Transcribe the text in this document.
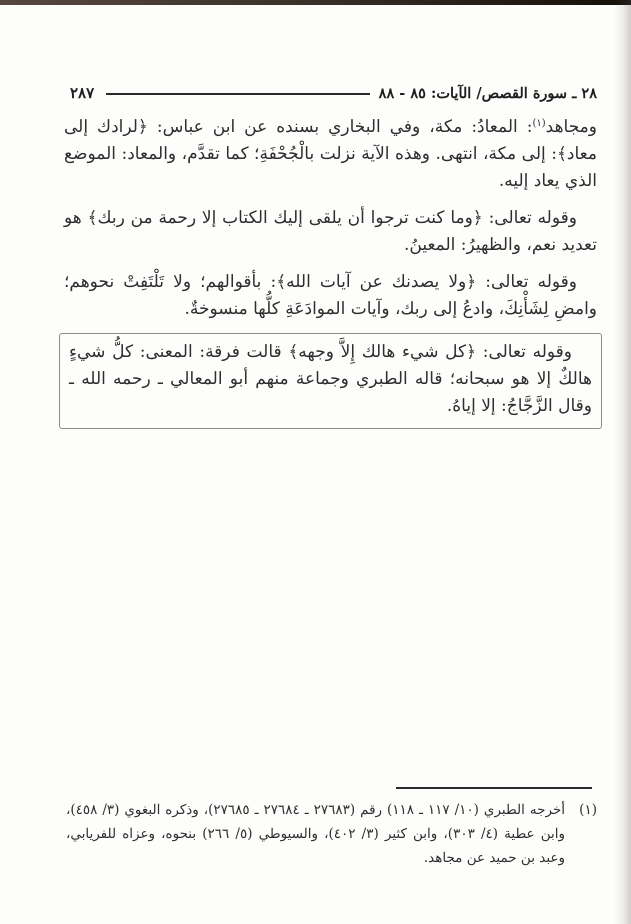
٢٨ ـ سورة القصص/ الآيات: ٨٥ - ٨٨
٢٨٧

ومجاهد$^{(١)}$: المعادُ: مكة، وفي البخاري بسنده عن ابن عباس: ﴿لرادك إلى معاد﴾: إلى مكة، انتهى. وهذه الآية نزلت بالْجُحْفَةِ؛ كما تقدَّم، والمعاد: الموضع الذي يعاد إليه.

وقوله تعالى: ﴿وما كنت ترجوا أن يلقى إليك الكتاب إلا رحمة من ربك﴾ هو تعديد نعم، والظهيرُ: المعينُ.

وقوله تعالى: ﴿ولا يصدنك عن آيات الله﴾: بأقوالهم؛ ولا تَلْتَفِتْ نحوهم؛ وامضِ لِشَأْنِكَ، وادعُ إلى ربك، وآيات الموادَعَةِ كلُّها منسوخةٌ.

وقوله تعالى: ﴿كل شيء هالك إِلاَّ وجهه﴾ قالت فرقة: المعنى: كلُّ شيءٍ هالكٌ إلا هو سبحانه؛ قاله الطبري وجماعة منهم أبو المعالي ـ رحمه الله ـ وقال الزَّجَّاجُ: إلا إياهُ.

(١)
أخرجه الطبري (١٠/ ١١٧ ـ ١١٨) رقم (٢٧٦٨٣ ـ ٢٧٦٨٤ ـ ٢٧٦٨٥)، وذكره البغوي (٣/ ٤٥٨)، وابن عطية (٤/ ٣٠٣)، وابن كثير (٣/ ٤٠٢)، والسيوطي (٥/ ٢٦٦) بنحوه، وعزاه للفريابي، وعبد بن حميد عن مجاهد.
